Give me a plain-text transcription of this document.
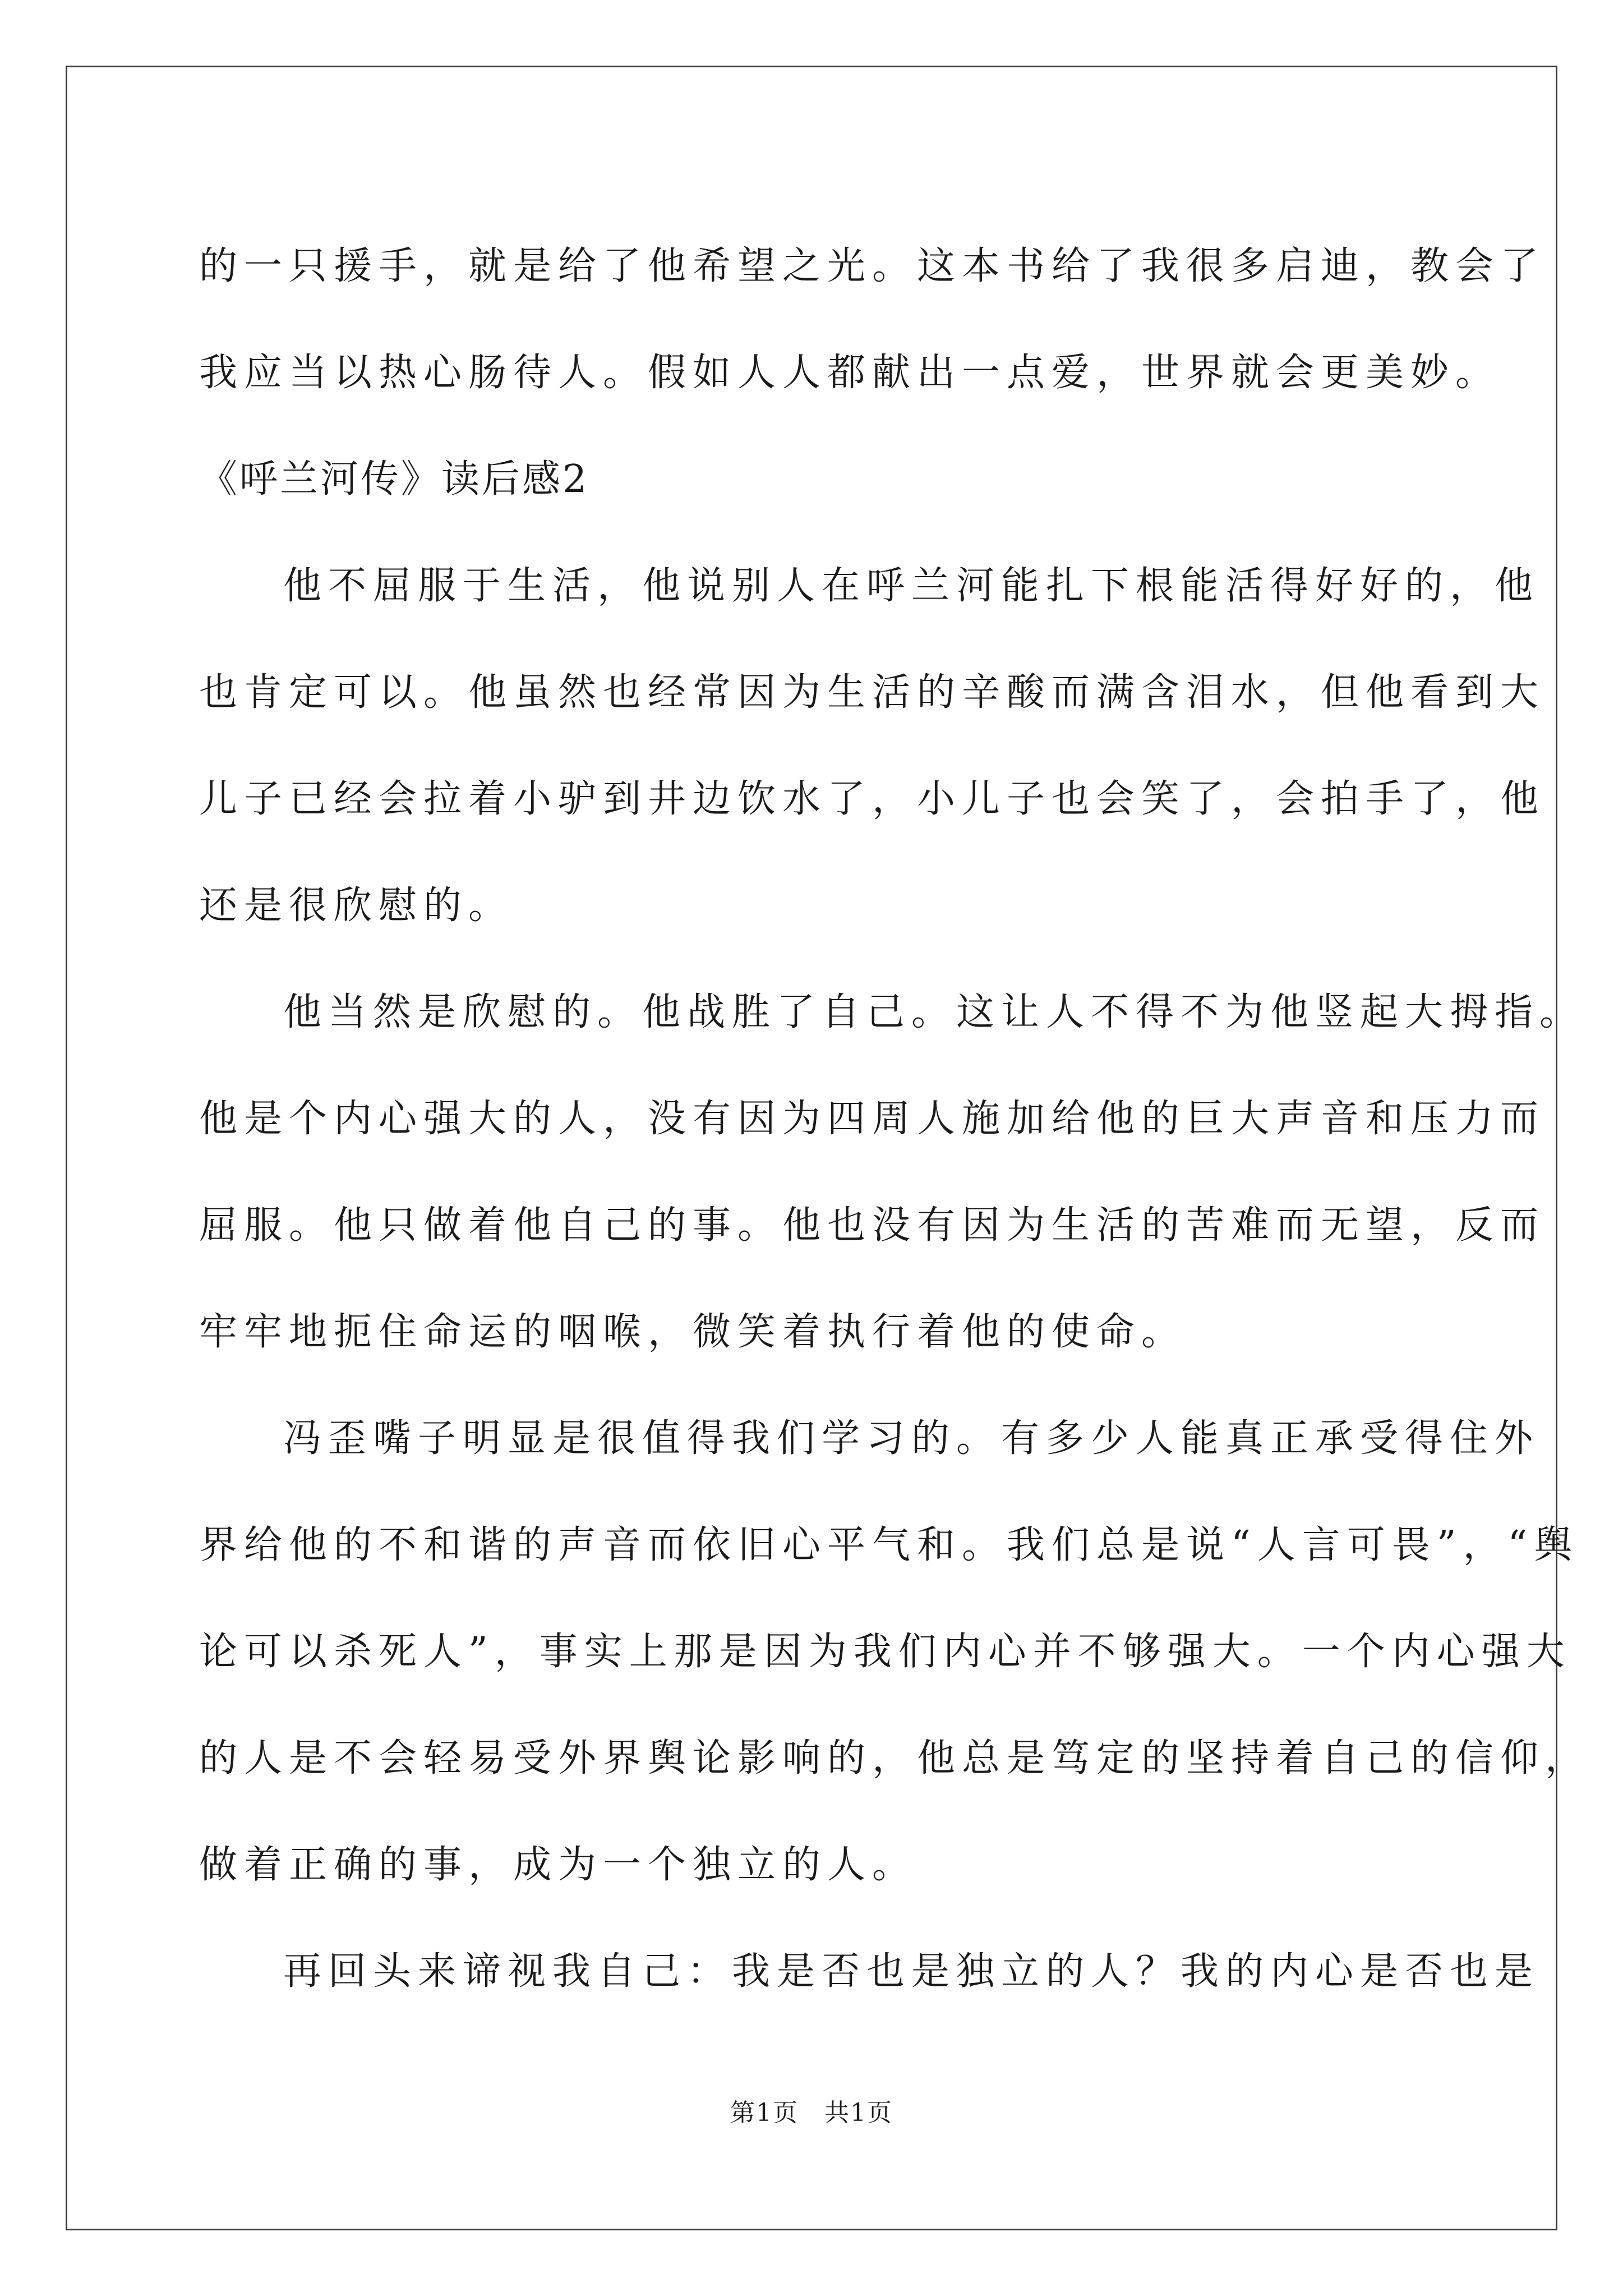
的一只援手，就是给了他希望之光。这本书给了我很多启迪，教会了
我应当以热心肠待人。假如人人都献出一点爱，世界就会更美妙。
《呼兰河传》读后感2
他不屈服于生活，他说别人在呼兰河能扎下根能活得好好的，他
也肯定可以。他虽然也经常因为生活的辛酸而满含泪水，但他看到大
儿子已经会拉着小驴到井边饮水了，小儿子也会笑了，会拍手了，他
还是很欣慰的。
他当然是欣慰的。他战胜了自己。这让人不得不为他竖起大拇指。
他是个内心强大的人，没有因为四周人施加给他的巨大声音和压力而
屈服。他只做着他自己的事。他也没有因为生活的苦难而无望，反而
牢牢地扼住命运的咽喉，微笑着执行着他的使命。
冯歪嘴子明显是很值得我们学习的。有多少人能真正承受得住外
界给他的不和谐的声音而依旧心平气和。我们总是说“人言可畏”，“舆
论可以杀死人”，事实上那是因为我们内心并不够强大。一个内心强大
的人是不会轻易受外界舆论影响的，他总是笃定的坚持着自己的信仰，
做着正确的事，成为一个独立的人。
再回头来谛视我自己：我是否也是独立的人？我的内心是否也是
第1页　共1页
